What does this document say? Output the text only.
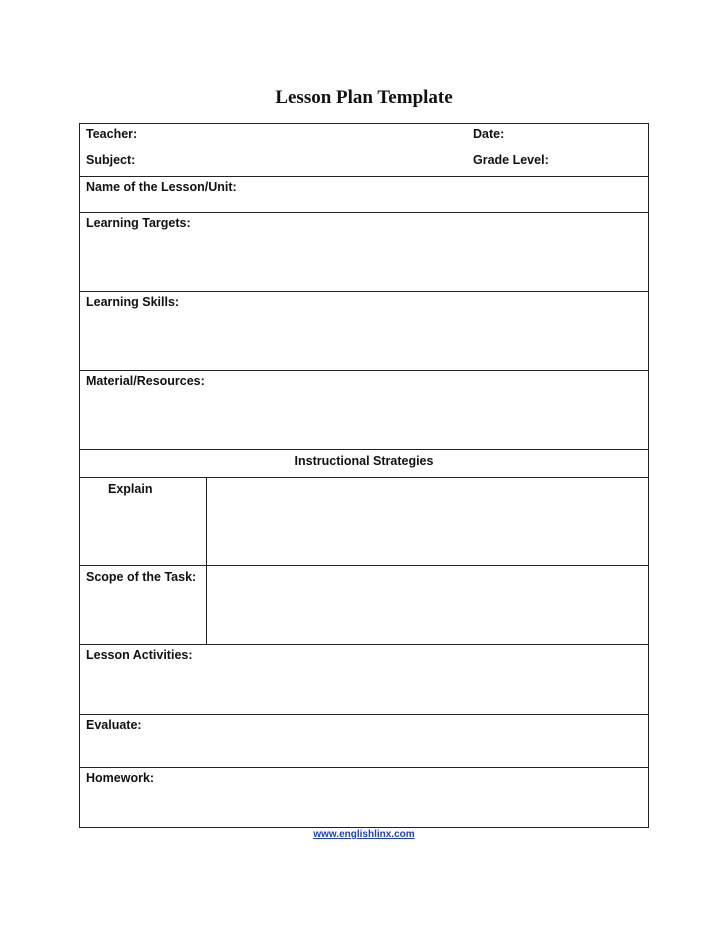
Lesson Plan Template
Teacher:	Date:
Subject:	Grade Level:
Name of the Lesson/Unit:
Learning Targets:
Learning Skills:
Material/Resources:
Instructional Strategies
Explain
Scope of the Task:
Lesson Activities:
Evaluate:
Homework:
www.englishlinx.com
